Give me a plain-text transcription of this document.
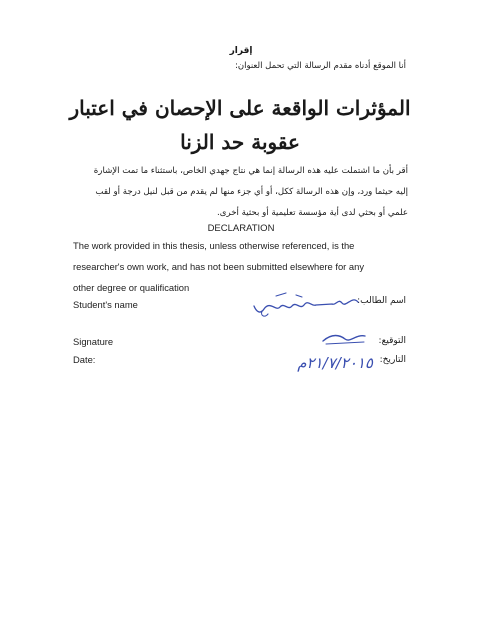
إقرار
أنا الموقع أدناه مقدم الرسالة التي تحمل العنوان:
المؤثرات الواقعة على الإحصان في اعتبار
عقوبة حد الزنا
أقر بأن ما اشتملت عليه هذه الرسالة إنما هي نتاج جهدي الخاص، باستثناء ما تمت الإشارة
إليه حيثما ورد، وإن هذه الرسالة ككل، أو أي جزء منها لم يقدم من قبل لنيل درجة أو لقب
علمي أو بحثي لدى أية مؤسسة تعليمية أو بحثية أخرى.
DECLARATION
The work provided in this thesis, unless otherwise referenced, is the
researcher's own work, and has not been submitted elsewhere for any
other degree or qualification
Student's name
Signature
Date:
اسم الطالب:
التوقيع:
التاريخ:
٢١/٧/٢٠١٥م
